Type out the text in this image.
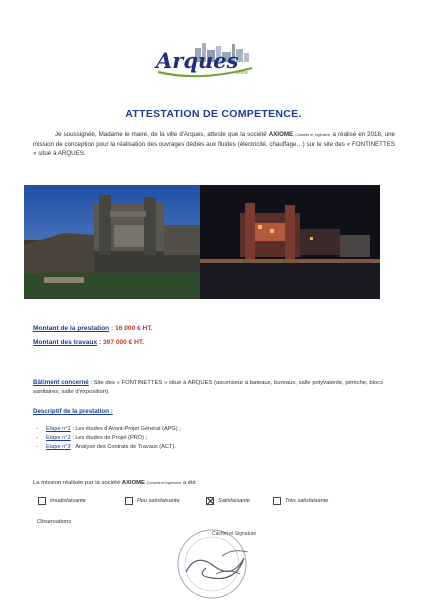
Arques
www
ATTESTATION DE COMPETENCE.
Je soussignée, Madame le maire, de la ville d'Arques, atteste que la société AXIOME Conseils et Ingénierie a réalisé en 2018, une mission de conception pour la réalisation des ouvrages dédiés aux fluides (électricité, chauffage…) sur le site des « FONTINETTES » situé à ARQUES.
Montant de la prestation : 16 000 € HT.
Montant des travaux : 397 000 € HT.
Bâtiment concerné : Site des « FONTINETTES » situé à ARQUES (ascenseur à bateaux, bureaux, salle polyvalente, péniche, blocs sanitaires, salle d'exposition).
Descriptif de la prestation :
-	Etape n°1 : Les études d'Avant-Projet Général (APG) ;
-	Etape n°2 : Les études de Projet (PRO) ;
-	Etape n°3 : Analyse des Contrats de Travaux (ACT).
La mission réalisée par la société AXIOME Conseils et Ingénierie a été :
Insatisfaisante	Peu satisfaisante	Satisfaisante	Très satisfaisante
Observations
Cachet et Signature
